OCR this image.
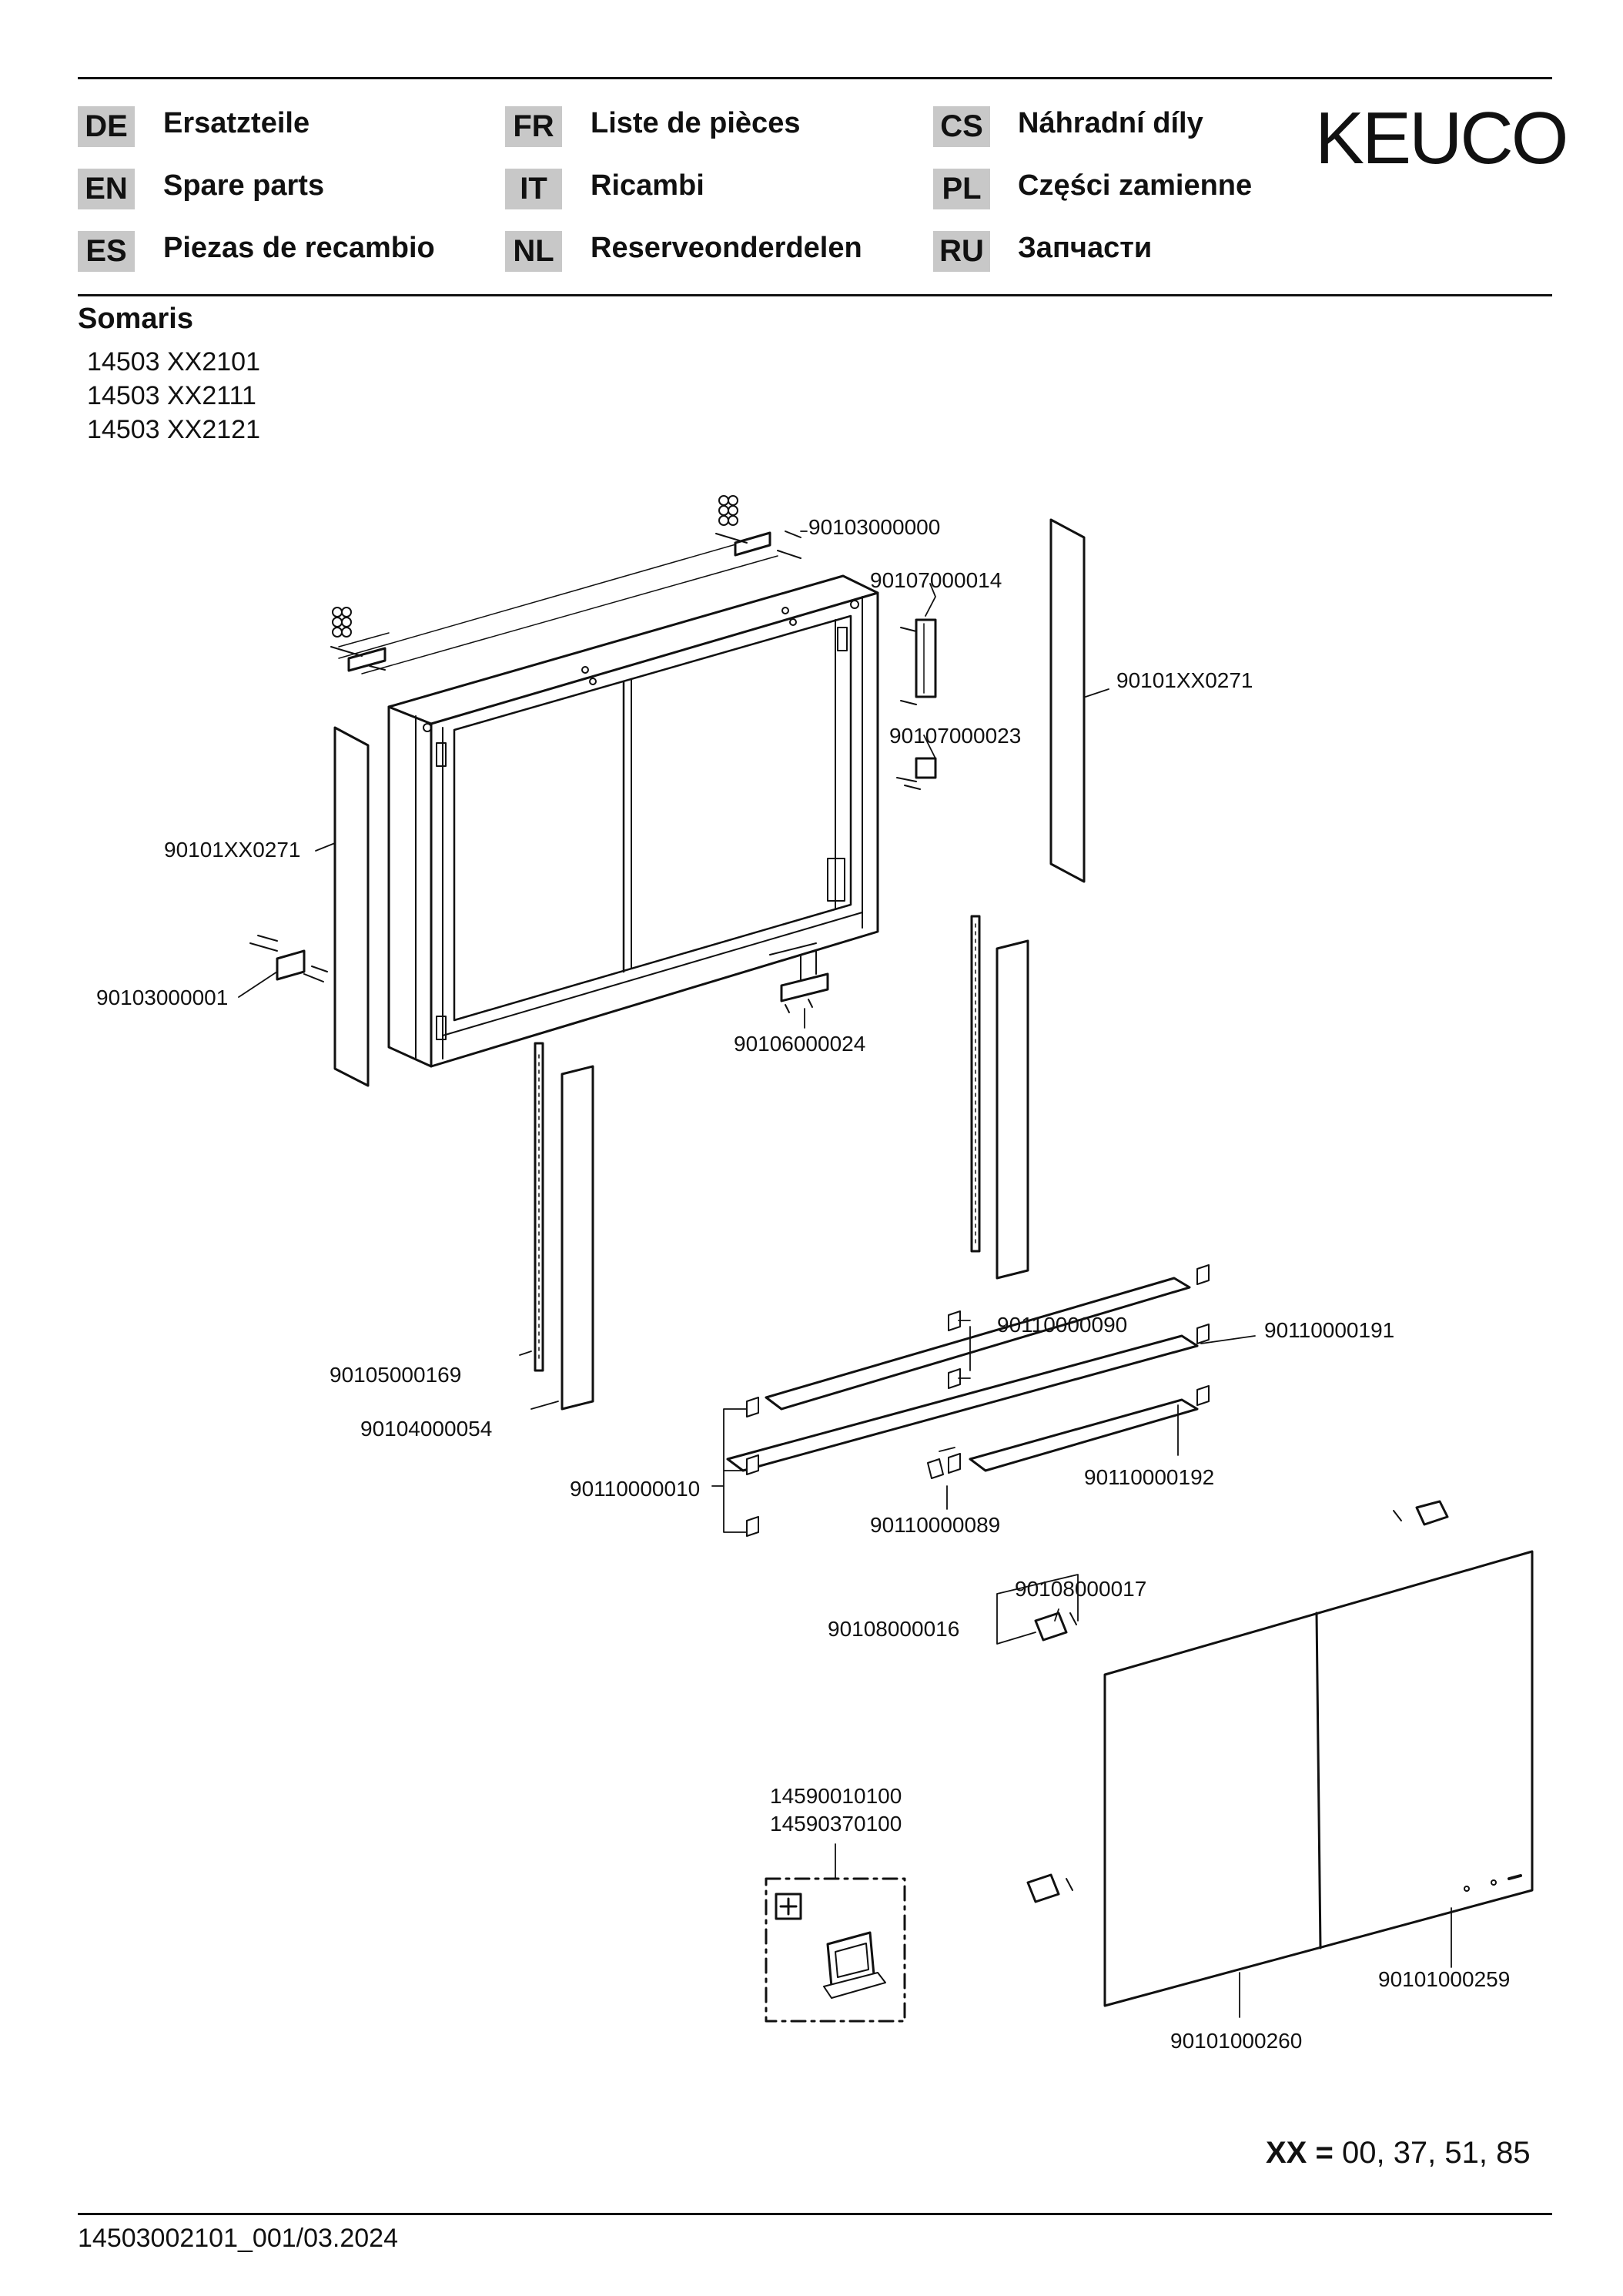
DE Ersatzteile
EN Spare parts
ES Piezas de recambio
FR Liste de pièces
IT	Ricambi
NL Reserveonderdelen
CS Náhradní díly
PL	Części zamienne
RU Запчасти
KEUCO
Somaris
14503 XX2101
14503 XX2111
14503 XX2121
90103000000
90107000014
90101XX0271
90107000023
90101XX0271
90103000001
90106000024
90105000169
90104000054
90110000090	90110000191
90110000010	90110000192
90110000089
90108000017
90108000016
14590010100
14590370100
90101000259
90101000260
XX = 00, 37, 51, 85
14503002101_001/03.2024
